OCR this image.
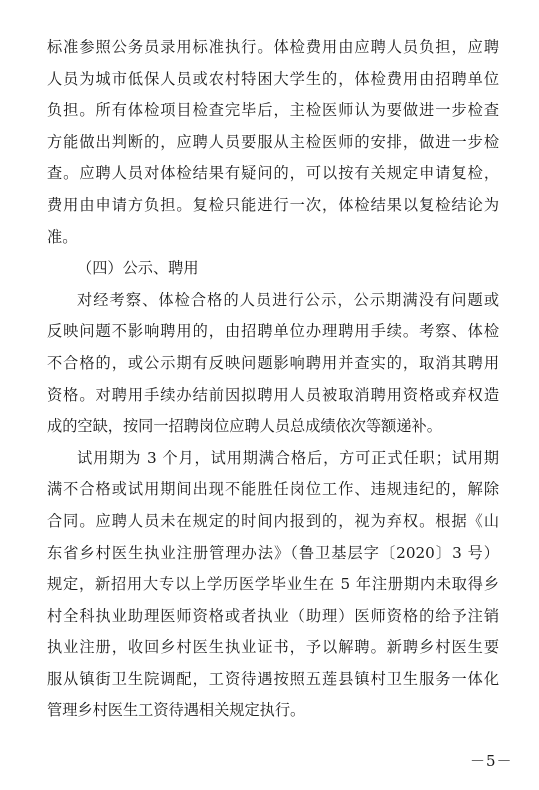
标准参照公务员录用标准执行。体检费用由应聘人员负担，应聘
人员为城市低保人员或农村特困大学生的，体检费用由招聘单位
负担。所有体检项目检查完毕后，主检医师认为要做进一步检查
方能做出判断的，应聘人员要服从主检医师的安排，做进一步检
查。应聘人员对体检结果有疑问的，可以按有关规定申请复检，
费用由申请方负担。复检只能进行一次，体检结果以复检结论为
准。
（四）公示、聘用
对经考察、体检合格的人员进行公示，公示期满没有问题或
反映问题不影响聘用的，由招聘单位办理聘用手续。考察、体检
不合格的，或公示期有反映问题影响聘用并查实的，取消其聘用
资格。对聘用手续办结前因拟聘用人员被取消聘用资格或弃权造
成的空缺，按同一招聘岗位应聘人员总成绩依次等额递补。
试用期为 3 个月，试用期满合格后，方可正式任职；试用期
满不合格或试用期间出现不能胜任岗位工作、违规违纪的，解除
合同。应聘人员未在规定的时间内报到的，视为弃权。根据《山
东省乡村医生执业注册管理办法》（鲁卫基层字〔2020〕3 号）
规定，新招用大专以上学历医学毕业生在 5 年注册期内未取得乡
村全科执业助理医师资格或者执业（助理）医师资格的给予注销
执业注册，收回乡村医生执业证书，予以解聘。新聘乡村医生要
服从镇街卫生院调配，工资待遇按照五莲县镇村卫生服务一体化
管理乡村医生工资待遇相关规定执行。
－5－
